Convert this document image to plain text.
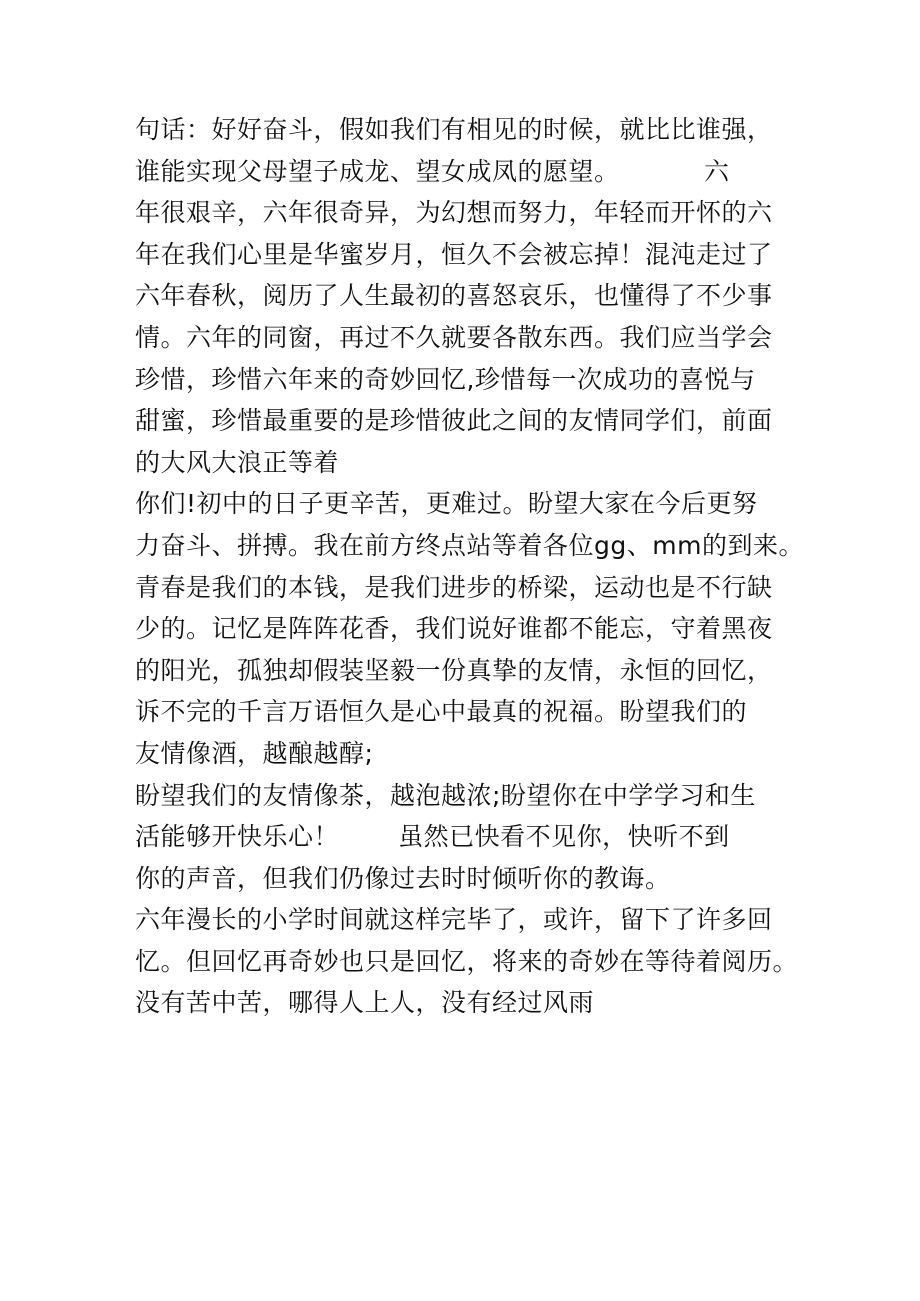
句话：好好奋斗，假如我们有相见的时候，就比比谁强，
谁能实现父母望子成龙、望女成凤的愿望。          六
年很艰辛，六年很奇异，为幻想而努力，年轻而开怀的六
年在我们心里是华蜜岁月，恒久不会被忘掉！混沌走过了
六年春秋，阅历了人生最初的喜怒哀乐，也懂得了不少事
情。六年的同窗，再过不久就要各散东西。我们应当学会
珍惜，珍惜六年来的奇妙回忆,珍惜每一次成功的喜悦与
甜蜜，珍惜最重要的是珍惜彼此之间的友情同学们，前面
的大风大浪正等着
你们!初中的日子更辛苦，更难过。盼望大家在今后更努
力奋斗、拼搏。我在前方终点站等着各位gg、mm的到来。
青春是我们的本钱，是我们进步的桥梁，运动也是不行缺
少的。记忆是阵阵花香，我们说好谁都不能忘，守着黑夜
的阳光，孤独却假装坚毅一份真挚的友情，永恒的回忆，
诉不完的千言万语恒久是心中最真的祝福。盼望我们的
友情像酒，越酿越醇;
盼望我们的友情像茶，越泡越浓;盼望你在中学学习和生
活能够开快乐心！       虽然已快看不见你，快听不到
你的声音，但我们仍像过去时时倾听你的教诲。
六年漫长的小学时间就这样完毕了，或许，留下了许多回
忆。但回忆再奇妙也只是回忆，将来的奇妙在等待着阅历。
没有苦中苦，哪得人上人，没有经过风雨
